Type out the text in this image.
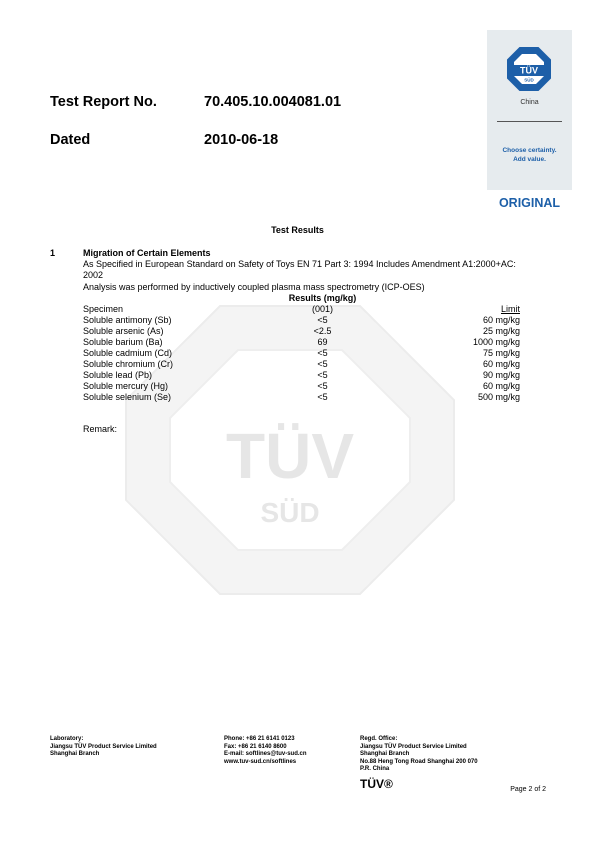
TÜV
SÜD
Test Report No.	70.405.10.004081.01
Dated	2010-06-18
TÜV
SÜD
China
Choose certainty.
Add value.
ORIGINAL
Test Results
1	Migration of Certain Elements
As Specified in European Standard on Safety of Toys EN 71 Part 3: 1994 Includes Amendment A1:2000+AC: 2002
Analysis was performed by inductively coupled plasma mass spectrometry (ICP-OES)
Results (mg/kg)
Specimen	(001)	Limit
Soluble antimony (Sb)	<5	60 mg/kg
Soluble arsenic (As)	<2.5	25 mg/kg
Soluble barium (Ba)	69	1000 mg/kg
Soluble cadmium (Cd)	<5	75 mg/kg
Soluble chromium (Cr)	<5	60 mg/kg
Soluble lead (Pb)	<5	90 mg/kg
Soluble mercury (Hg)	<5	60 mg/kg
Soluble selenium (Se)	<5	500 mg/kg
Remark:
Laboratory:
Jiangsu TÜV Product Service Limited
Shanghai Branch
Phone: +86 21 6141 0123
Fax: +86 21 6140 8600
E-mail: softlines@tuv-sud.cn
www.tuv-sud.cn/softlines
Regd. Office:
Jiangsu TÜV Product Service Limited
Shanghai Branch
No.88 Heng Tong Road Shanghai 200 070
P.R. China
TÜV®	Page 2 of 2
